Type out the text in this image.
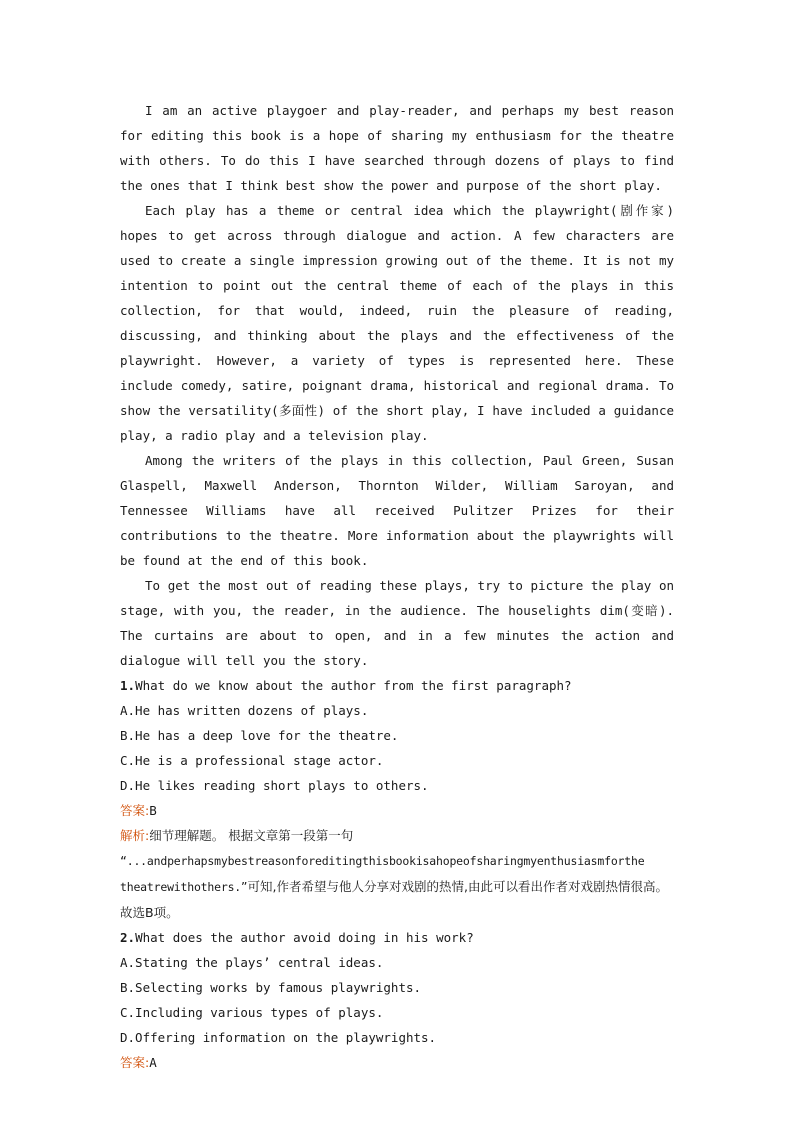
I am an active playgoer and play-reader, and perhaps my best reason for editing this book is a hope of sharing my enthusiasm for the theatre with others. To do this I have searched through dozens of plays to find the ones that I think best show the power and purpose of the short play.

Each play has a theme or central idea which the playwright(剧作家) hopes to get across through dialogue and action. A few characters are used to create a single impression growing out of the theme. It is not my intention to point out the central theme of each of the plays in this collection, for that would, indeed, ruin the pleasure of reading, discussing, and thinking about the plays and the effectiveness of the playwright. However, a variety of types is represented here. These include comedy, satire, poignant drama, historical and regional drama. To show the versatility(多面性) of the short play, I have included a guidance play, a radio play and a television play.

Among the writers of the plays in this collection, Paul Green, Susan Glaspell, Maxwell Anderson, Thornton Wilder, William Saroyan, and Tennessee Williams have all received Pulitzer Prizes for their contributions to the theatre. More information about the playwrights will be found at the end of this book.

To get the most out of reading these plays, try to picture the play on stage, with you, the reader, in the audience. The houselights dim(变暗). The curtains are about to open, and in a few minutes the action and dialogue will tell you the story.

1.What do we know about the author from the first paragraph?
A.He has written dozens of plays.
B.He has a deep love for the theatre.
C.He is a professional stage actor.
D.He likes reading short plays to others.
答案:B

解析:细节理解题。 根据文章第一段第一句
“...andperhapsmybestreasonforeditingthisbookisahopeofsharingmyenthusiasmforthe theatrewithothers.”可知,作者希望与他人分享对戏剧的热情,由此可以看出作者对戏剧热情很高。故选B项。

2.What does the author avoid doing in his work?
A.Stating the plays’ central ideas.
B.Selecting works by famous playwrights.
C.Including various types of plays.
D.Offering information on the playwrights.
答案:A
